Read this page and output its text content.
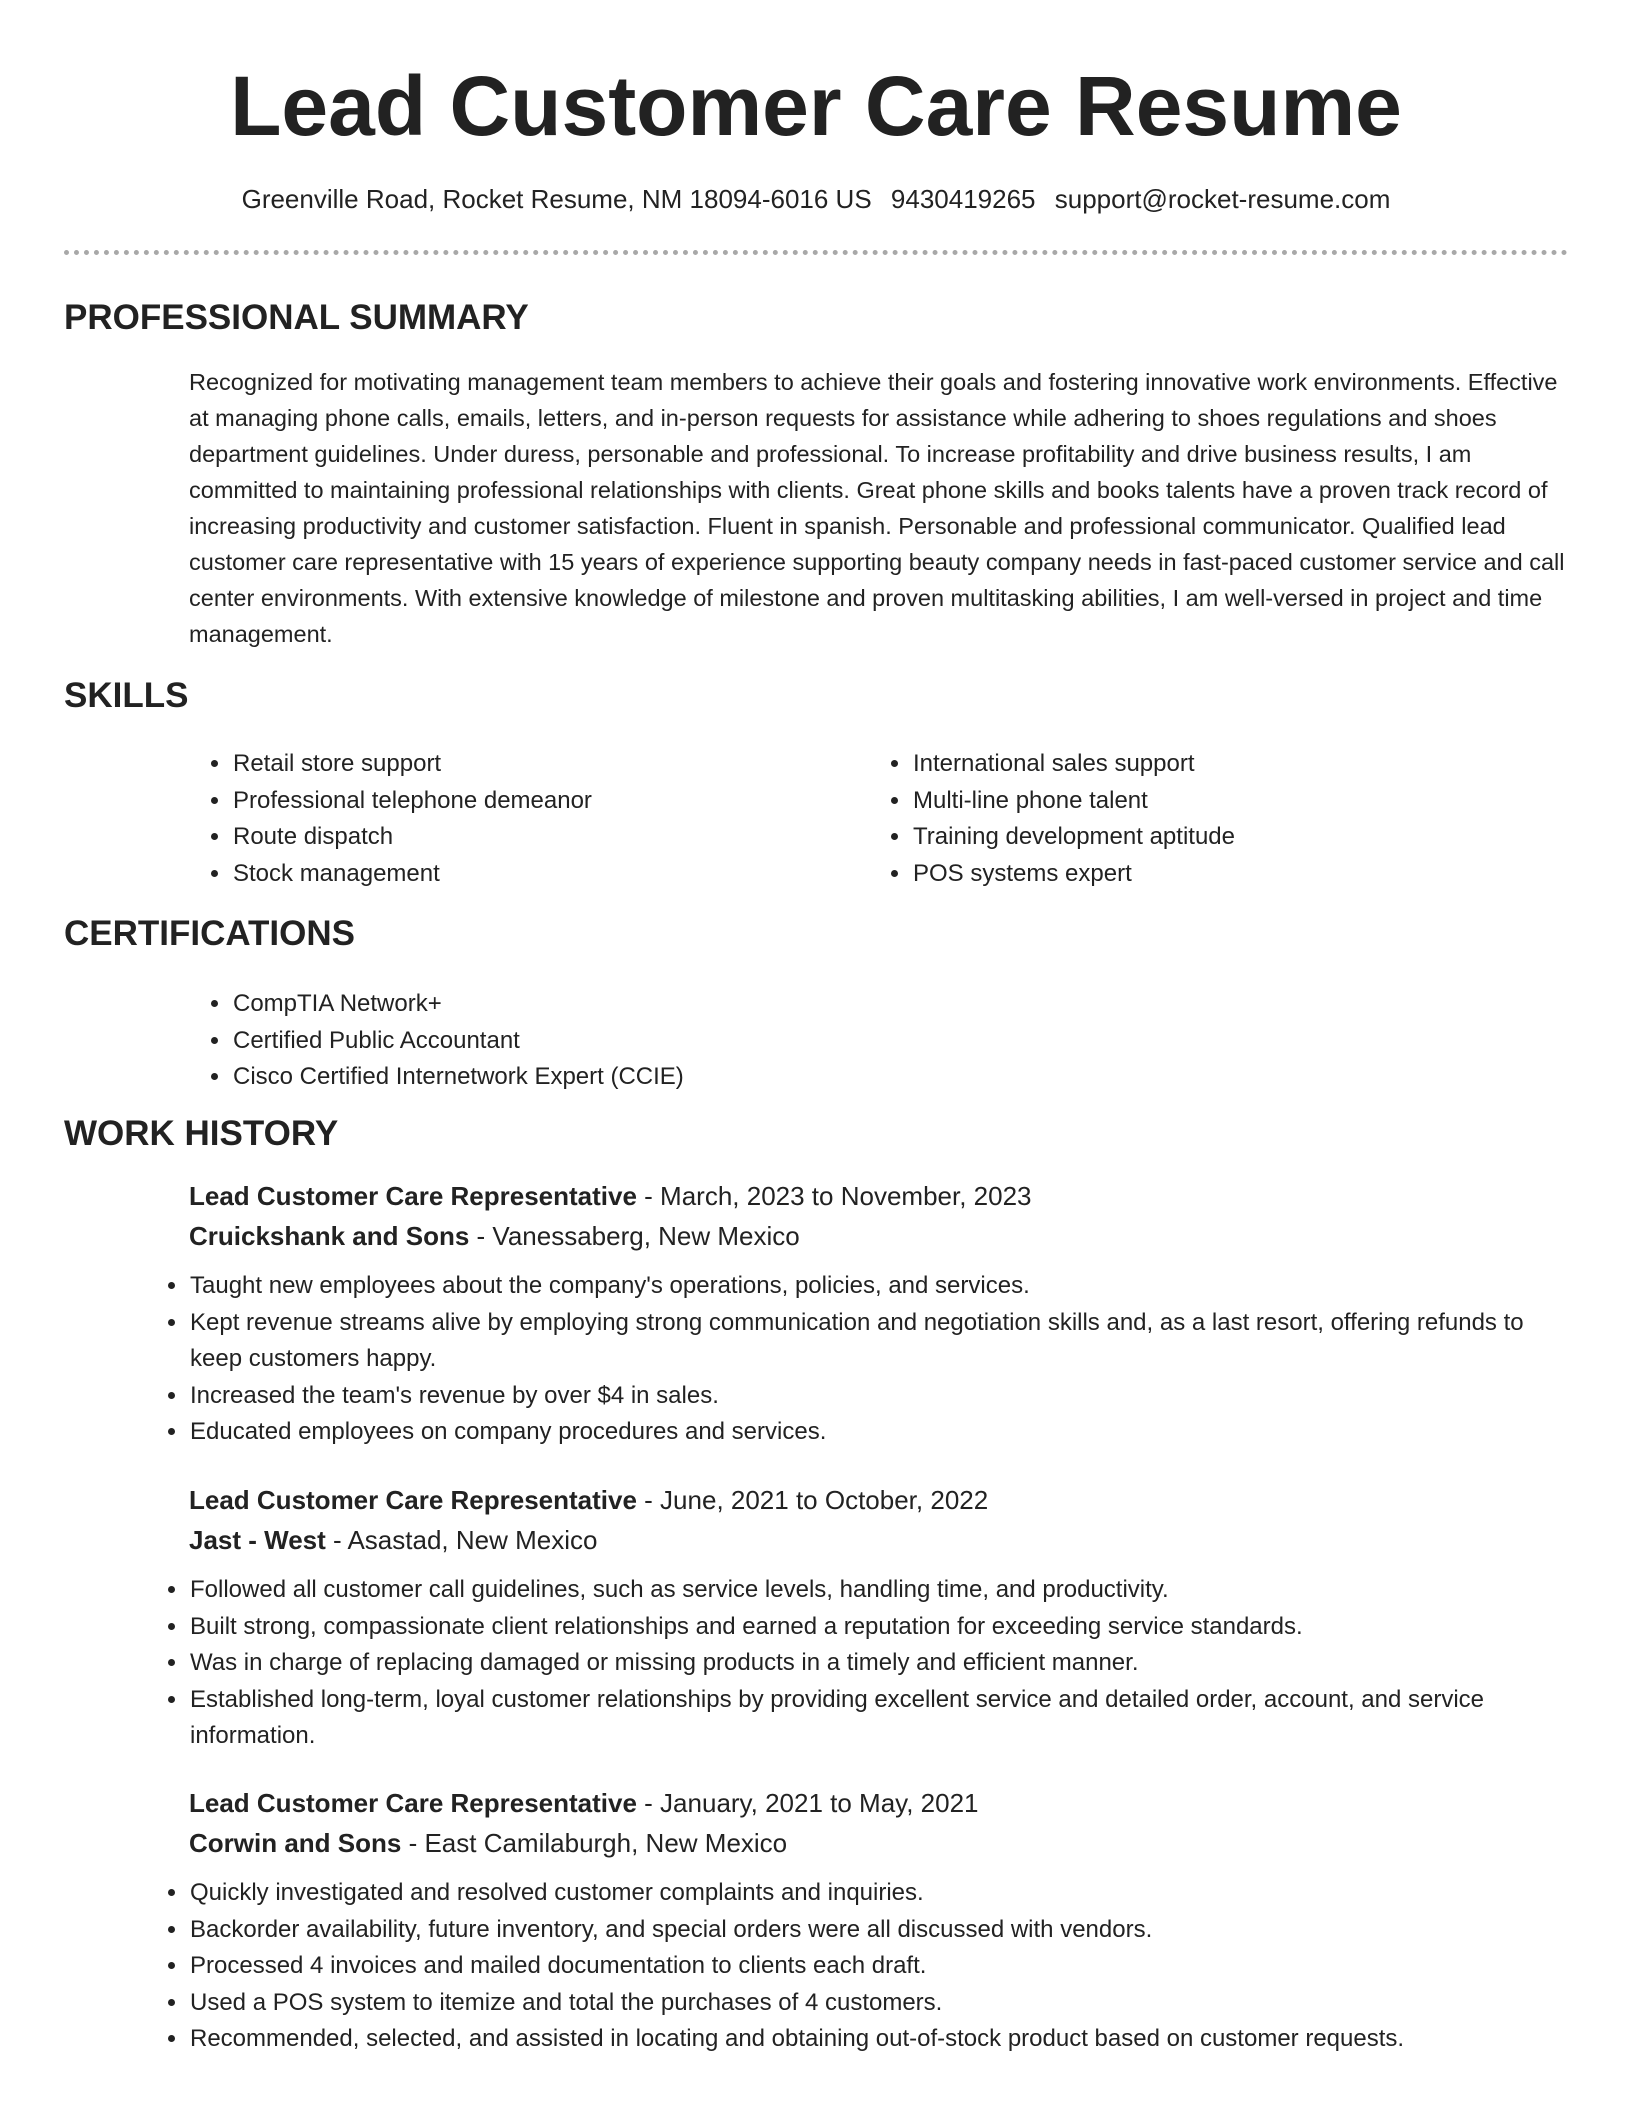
Lead Customer Care Resume
Greenville Road, Rocket Resume, NM 18094-6016 US 9430419265 support@rocket-resume.com
PROFESSIONAL SUMMARY

Recognized for motivating management team members to achieve their goals and fostering innovative work environments. Effective at managing phone calls, emails, letters, and in-person requests for assistance while adhering to shoes regulations and shoes department guidelines. Under duress, personable and professional. To increase profitability and drive business results, I am committed to maintaining professional relationships with clients. Great phone skills and books talents have a proven track record of increasing productivity and customer satisfaction. Fluent in spanish. Personable and professional communicator. Qualified lead customer care representative with 15 years of experience supporting beauty company needs in fast-paced customer service and call center environments. With extensive knowledge of milestone and proven multitasking abilities, I am well-versed in project and time management.

SKILLS
• Retail store support
• Professional telephone demeanor
• Route dispatch
• Stock management
• International sales support
• Multi-line phone talent
• Training development aptitude
• POS systems expert
CERTIFICATIONS
• CompTIA Network+
• Certified Public Accountant
• Cisco Certified Internetwork Expert (CCIE)
WORK HISTORY
Lead Customer Care Representative - March, 2023 to November, 2023
Cruickshank and Sons - Vanessaberg, New Mexico
• Taught new employees about the company's operations, policies, and services.
• Kept revenue streams alive by employing strong communication and negotiation skills and, as a last resort, offering refunds to keep customers happy.
• Increased the team's revenue by over $4 in sales.
• Educated employees on company procedures and services.
Lead Customer Care Representative - June, 2021 to October, 2022
Jast - West - Asastad, New Mexico
• Followed all customer call guidelines, such as service levels, handling time, and productivity.
• Built strong, compassionate client relationships and earned a reputation for exceeding service standards.
• Was in charge of replacing damaged or missing products in a timely and efficient manner.
• Established long-term, loyal customer relationships by providing excellent service and detailed order, account, and service information.
Lead Customer Care Representative - January, 2021 to May, 2021
Corwin and Sons - East Camilaburgh, New Mexico
• Quickly investigated and resolved customer complaints and inquiries.
• Backorder availability, future inventory, and special orders were all discussed with vendors.
• Processed 4 invoices and mailed documentation to clients each draft.
• Used a POS system to itemize and total the purchases of 4 customers.
• Recommended, selected, and assisted in locating and obtaining out-of-stock product based on customer requests.
